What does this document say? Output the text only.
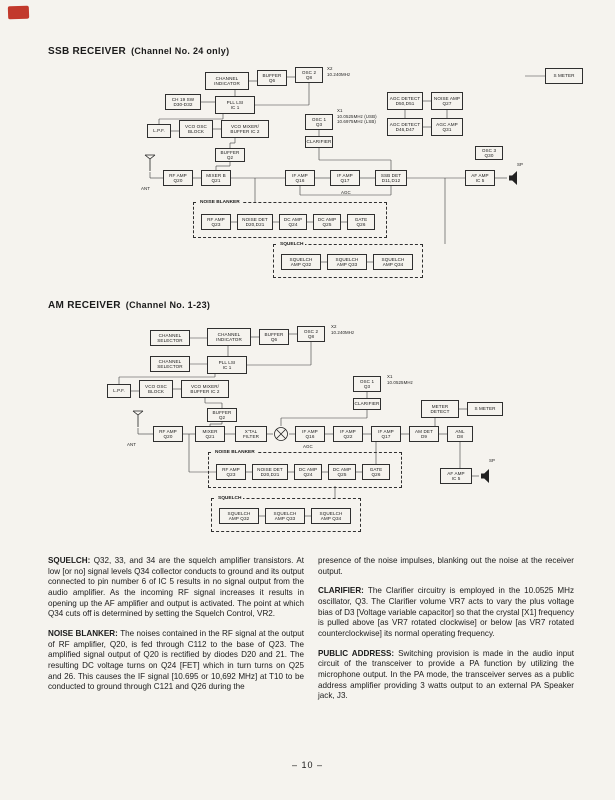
SSB RECEIVER (Channel No. 24 only)
NOISE BLANKER
SQUELCH
CHANNEL
INDICATOR
BUFFER
Q6
OSC 2
Q8
CH 19 SW
D30-D32	PLL LSI
IC 1
L.P.F.
VCO OSC
BLOCK
VCO MIXER/
BUFFER IC 2
OSC 1
Q3
CLARIFIER
BUFFER
Q2
RF AMP
Q20
MIXER B
Q21
IF AMP
Q16
IF AMP
Q17
SSB DET
D11,D12
AF AMP
IC 5
AGC DETECT
D50,D51
NOISE AMP
Q27
AGC DETECT
D46,D47
AGC AMP
Q31
OSC 3
Q30
S METER
RF AMP
Q23
NOISE DET
D20,D21
DC AMP
Q24
DC AMP
Q25
GATE
Q26
SQUELCH
AMP Q32
SQUELCH
AMP Q33
SQUELCH
AMP Q34
X2
10.240MHz
X1
10.0525MHz (USB)
10.6975MHz (LSB)
ANT
AGC
SP
AM RECEIVER (Channel No. 1-23)
NOISE BLANKER
SQUELCH
CHANNEL
SELECTOR
CHANNEL
INDICATOR
BUFFER
Q6
OSC 2
Q8
CHANNEL
SELECTOR
PLL LSI
IC 1
L.P.F.
VCO OSC
BLOCK
VCO MIXER/
BUFFER IC 2
OSC 1
Q3
CLARIFIER
BUFFER
Q2
METER
DETECT
S METER
RF AMP
Q20
MIXER
Q21
X'TAL
FILTER
IF AMP
Q16
IF AMP
Q22
IF AMP
Q17
AM DET
D9
ANL
D8
AF AMP
IC 5
RF AMP
Q23
NOISE DET
D20,D21
DC AMP
Q24
DC AMP
Q25
GATE
Q26
SQUELCH
AMP Q32
SQUELCH
AMP Q33
SQUELCH
AMP Q34
X2
10.240MHz
X1
10.0525MHz
ANT	AGC
SP

SQUELCH: Q32, 33, and 34 are the squelch amplifier transistors. At low [or no] signal levels Q34 collector conducts to ground and its output connected to pin number 6 of IC 5 results in no signal output from the audio amplifier. As the incoming RF signal increases it results in opening up the AF amplifier and output is activated. The point at which Q34 cuts off is determined by setting the Squelch Control, VR2.

NOISE BLANKER: The noises contained in the RF signal at the output of RF amplifier, Q20, is fed through C112 to the base of Q23. The amplified signal output of Q20 is rectified by diodes D20 and 21. The resulting DC voltage turns on Q24 [FET] which in turn turns on Q25 and 26. This causes the IF signal [10.695 or 10,692 MHz] at T10 to be conducted to ground through C121 and Q26 during the

presence of the noise impulses, blanking out the noise at the receiver output.

CLARIFIER: The Clarifier circuitry is employed in the 10.0525 MHz oscillator, Q3. The Clarifier volume VR7 acts to vary the plus voltage bias of D3 [Voltage variable capacitor] so that the crystal [X1] frequency is pulled above [as VR7 rotated clockwise] or below [as VR7 rotated counterclockwise] its normal operating frequency.

PUBLIC ADDRESS: Switching provision is made in the audio input circuit of the transceiver to provide a PA function by utilizing the microphone output. In the PA mode, the transceiver serves as a public address amplifier providing 3 watts output to an external PA Speaker jack, J3.

– 10 –
